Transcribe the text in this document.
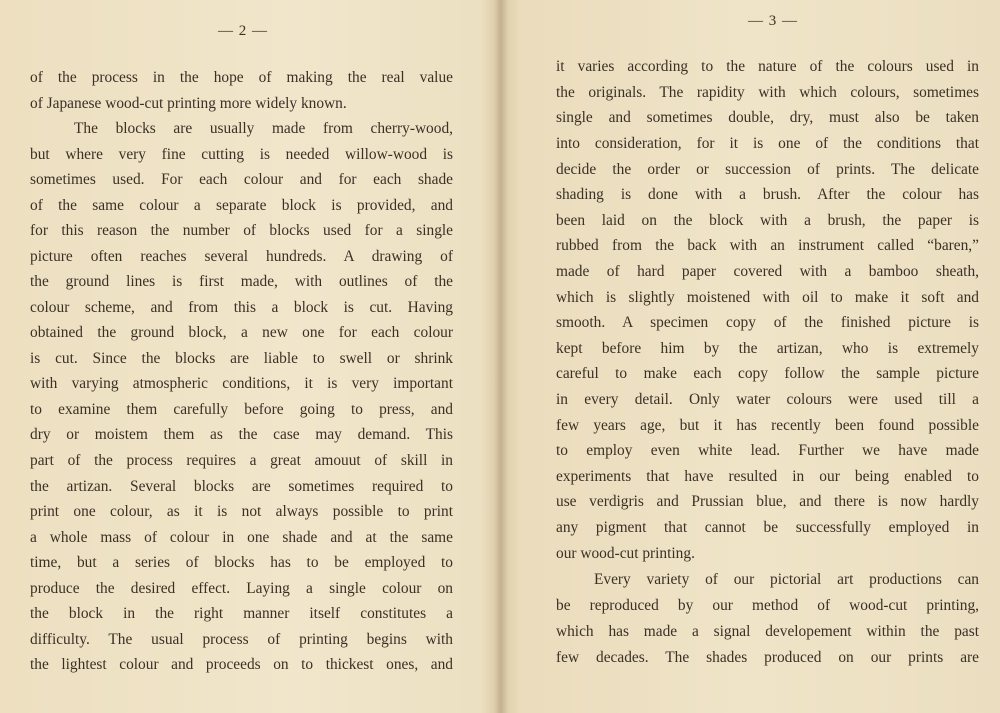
— 2 —
of the process in the hope of making the real value
of Japanese wood-cut printing more widely known.
The blocks are usually made from cherry-wood,
but where very fine cutting is needed willow-wood is
sometimes used. For each colour and for each shade
of the same colour a separate block is provided, and
for this reason the number of blocks used for a single
picture often reaches several hundreds. A drawing of
the ground lines is first made, with outlines of the
colour scheme, and from this a block is cut. Having
obtained the ground block, a new one for each colour
is cut. Since the blocks are liable to swell or shrink
with varying atmospheric conditions, it is very important
to examine them carefully before going to press, and
dry or moistem them as the case may demand. This
part of the process requires a great amouut of skill in
the artizan. Several blocks are sometimes required to
print one colour, as it is not always possible to print
a whole mass of colour in one shade and at the same
time, but a series of blocks has to be employed to
produce the desired effect. Laying a single colour on
the block in the right manner itself constitutes a
difficulty. The usual process of printing begins with
the lightest colour and proceeds on to thickest ones, and
— 3 —
it varies according to the nature of the colours used in
the originals. The rapidity with which colours, sometimes
single and sometimes double, dry, must also be taken
into consideration, for it is one of the conditions that
decide the order or succession of prints. The delicate
shading is done with a brush. After the colour has
been laid on the block with a brush, the paper is
rubbed from the back with an instrument called “baren,”
made of hard paper covered with a bamboo sheath,
which is slightly moistened with oil to make it soft and
smooth. A specimen copy of the finished picture is
kept before him by the artizan, who is extremely
careful to make each copy follow the sample picture
in every detail. Only water colours were used till a
few years age, but it has recently been found possible
to employ even white lead. Further we have made
experiments that have resulted in our being enabled to
use verdigris and Prussian blue, and there is now hardly
any pigment that cannot be successfully employed in
our wood-cut printing.
Every variety of our pictorial art productions can
be reproduced by our method of wood-cut printing,
which has made a signal developement within the past
few decades. The shades produced on our prints are
